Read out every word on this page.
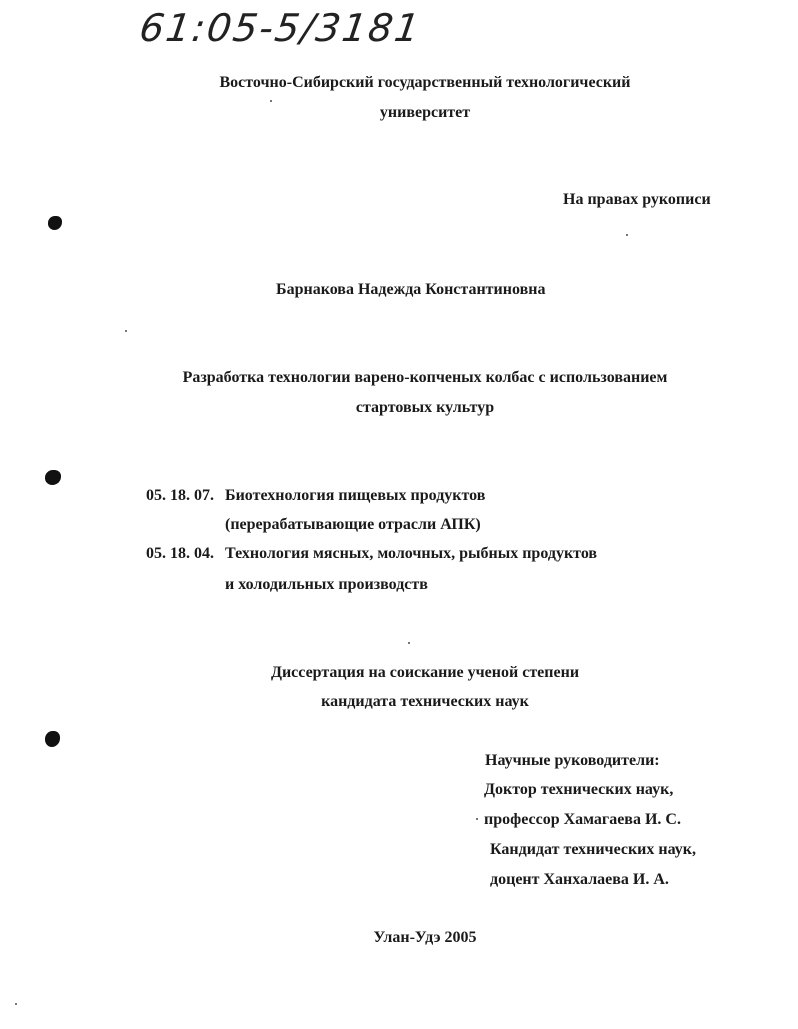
61:05-5/3181
Восточно-Сибирский государственный технологический
университет
На правах рукописи
Барнакова Надежда Константиновна
Разработка технологии варено-копченых колбас с использованием
стартовых культур
05. 18. 07. Биотехнология пищевых продуктов
(перерабатывающие отрасли АПК)
05. 18. 04. Технология мясных, молочных, рыбных продуктов
и холодильных производств
Диссертация на соискание ученой степени
кандидата технических наук
Научные руководители:
Доктор технических наук,
профессор Хамагаева И. С.
Кандидат технических наук,
доцент Ханхалаева И. А.
Улан-Удэ 2005
